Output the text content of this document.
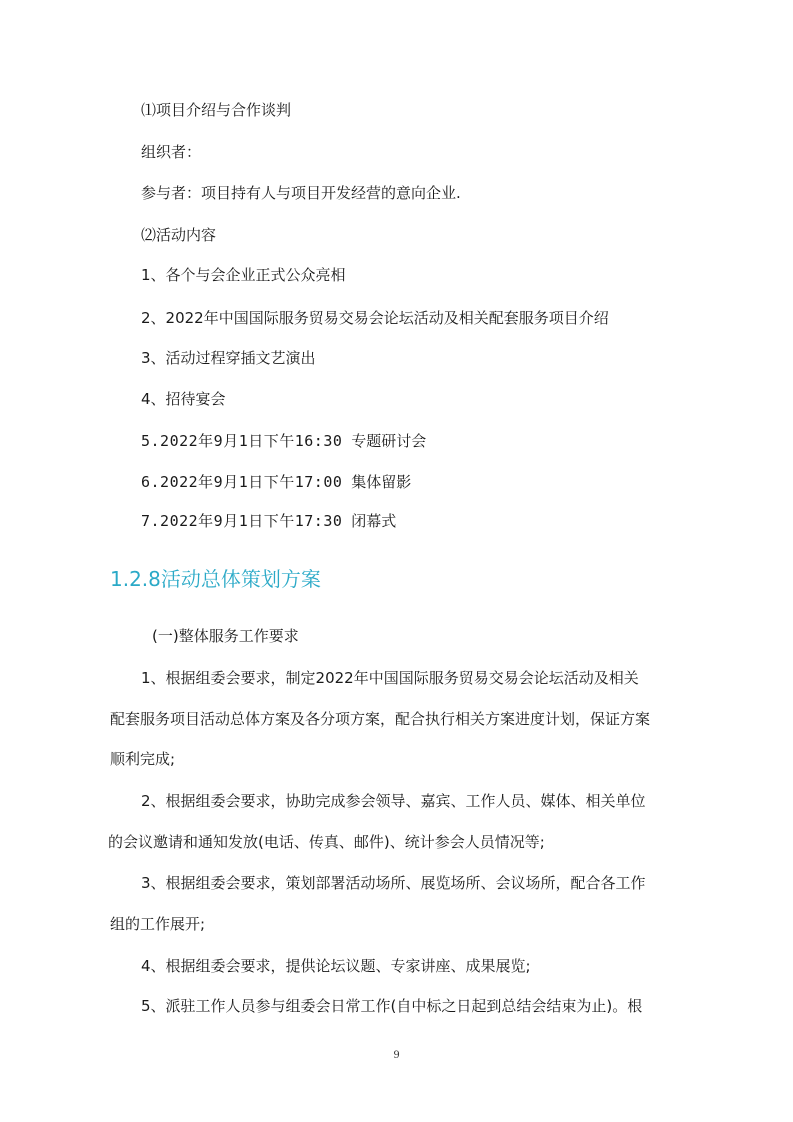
⑴项目介绍与合作谈判
组织者：
参与者：项目持有人与项目开发经营的意向企业.
⑵活动内容
1、各个与会企业正式公众亮相
2、2022年中国国际服务贸易交易会论坛活动及相关配套服务项目介绍
3、活动过程穿插文艺演出
4、招待宴会
5.2022年9月1日下午16:30 专题研讨会
6.2022年9月1日下午17:00 集体留影
7.2022年9月1日下午17:30 闭幕式
1.2.8活动总体策划方案
(一)整体服务工作要求
1、根据组委会要求，制定2022年中国国际服务贸易交易会论坛活动及相关
配套服务项目活动总体方案及各分项方案，配合执行相关方案进度计划，保证方案
顺利完成;
2、根据组委会要求，协助完成参会领导、嘉宾、工作人员、媒体、相关单位
的会议邀请和通知发放(电话、传真、邮件)、统计参会人员情况等;
3、根据组委会要求，策划部署活动场所、展览场所、会议场所，配合各工作
组的工作展开;
4、根据组委会要求，提供论坛议题、专家讲座、成果展览;
5、派驻工作人员参与组委会日常工作(自中标之日起到总结会结束为止)。根
9
